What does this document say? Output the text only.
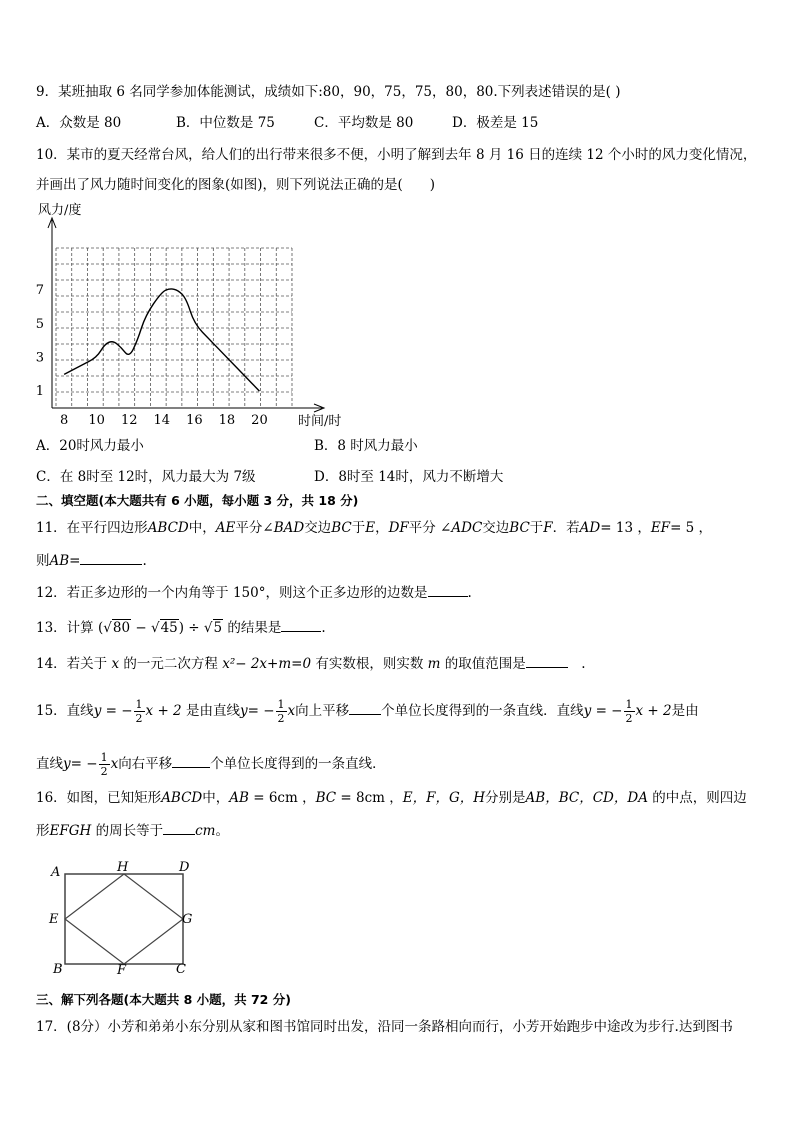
9．某班抽取 6 名同学参加体能测试，成绩如下:80，90，75，75，80，80.下列表述错误的是( )
A．众数是 80	B．中位数是 75	C．平均数是 80	D．极差是 15
10．某市的夏天经常台风，给人们的出行带来很多不便，小明了解到去年 8 月 16 日的连续 12 个小时的风力变化情况，
并画出了风力随时间变化的图象(如图)，则下列说法正确的是(　　)
风力/度
时间/时
8 10 12 14 16 18 20
1
3
5
7
A．20时风力最小	B．8 时风力最小
C．在 8时至 12时，风力最大为 7级	D．8时至 14时，风力不断增大
二、填空题(本大题共有 6 小题，每小题 3 分，共 18 分)
11．在平行四边形ABCD中，AE平分∠BAD交边BC于E，DF平分 ∠ADC交边BC于F．若AD= 13 ，EF= 5 ，
则AB=	.
12．若正多边形的一个内角等于 150°，则这个正多边形的边数是	.
13．计算 (√80 − √45) ÷ √5 的结果是	.
14．若关于 x 的一元二次方程 x²− 2x+m=0 有实数根，则实数 m 的取值范围是　	.
15．直线y = − $\frac{1}{2}$ x + 2 是由直线$y= - \frac{1}{2}$ x向上平移 个单位长度得到的一条直线．直线y = − $\frac{1}{2}$ x + 2是由
直线$y= - \frac{1}{2}$ x向右平移	个单位长度得到的一条直线．
16．如图，已知矩形ABCD中，AB = 6cm ，BC = 8cm ，E，F，G，H分别是AB，BC，CD，DA 的中点，则四边
形EFGH 的周长等于 cm。
A	H	D
E	G
B	F	C
三、解下列各题(本大题共 8 小题，共 72 分)
17．(8分）小芳和弟弟小东分别从家和图书馆同时出发，沿同一条路相向而行，小芳开始跑步中途改为步行.达到图书
